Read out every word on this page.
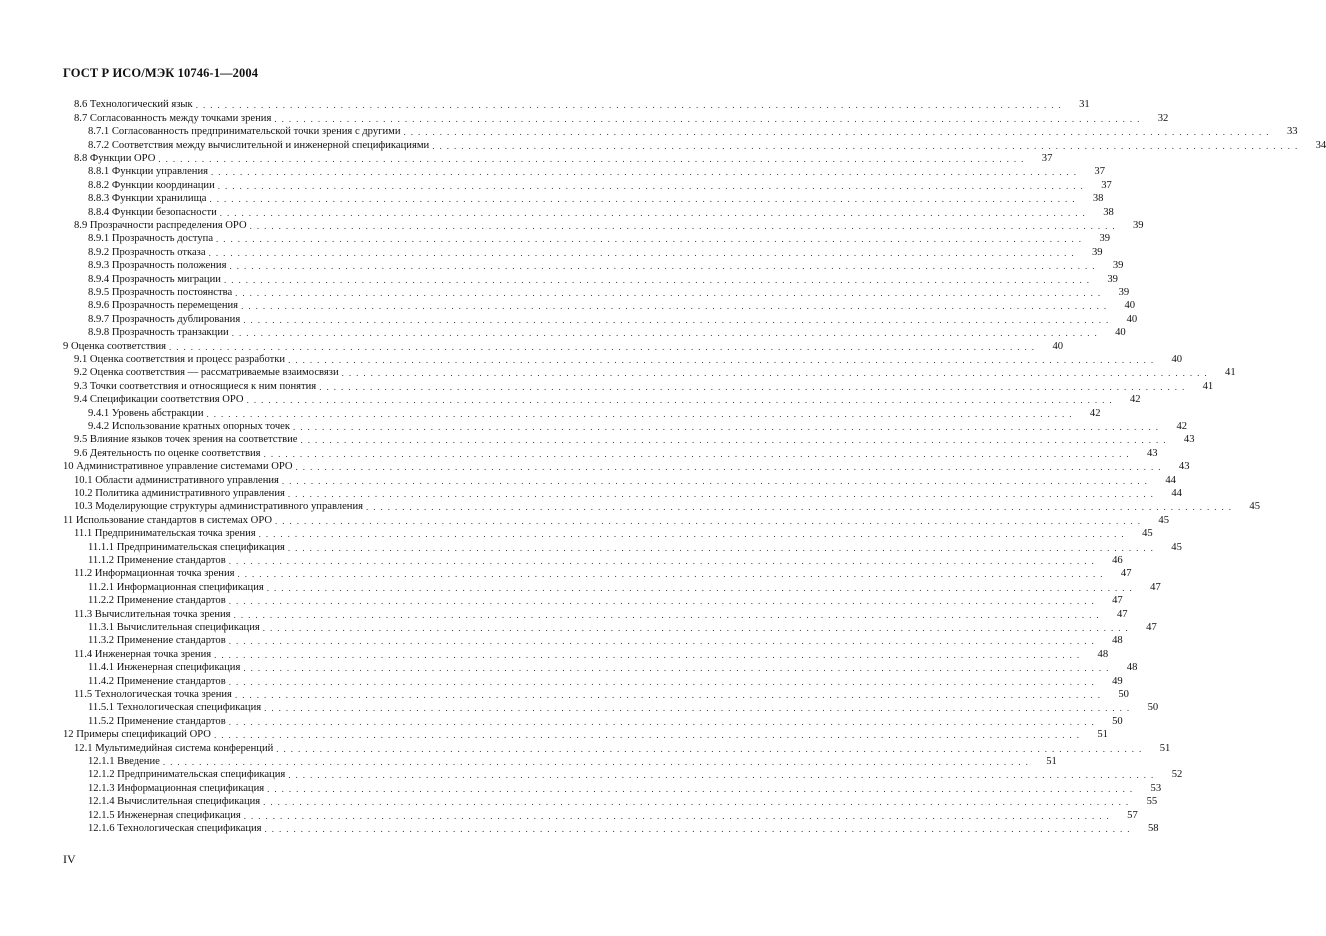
ГОСТ Р ИСО/МЭК 10746-1—2004
8.6 Технологический язык ........................................................................................................................	31
8.7 Согласованность между точками зрения ........................................................................................................................	32
8.7.1 Согласованность предпринимательской точки зрения с другими ........................................................................................................................	33
8.7.2 Соответствия между вычислительной и инженерной спецификациями ........................................................................................................................	34
8.8 Функции ОРО ........................................................................................................................	37
8.8.1 Функции управления ........................................................................................................................	37
8.8.2 Функции координации ........................................................................................................................	37
8.8.3 Функции хранилища ........................................................................................................................	38
8.8.4 Функции безопасности ........................................................................................................................	38
8.9 Прозрачности распределения ОРО ........................................................................................................................	39
8.9.1 Прозрачность доступа ........................................................................................................................	39
8.9.2 Прозрачность отказа ........................................................................................................................	39
8.9.3 Прозрачность положения ........................................................................................................................	39
8.9.4 Прозрачность миграции ........................................................................................................................	39
8.9.5 Прозрачность постоянства ........................................................................................................................	39
8.9.6 Прозрачность перемещения ........................................................................................................................	40
8.9.7 Прозрачность дублирования ........................................................................................................................	40
8.9.8 Прозрачность транзакции ........................................................................................................................	40
9 Оценка соответствия ........................................................................................................................	40
9.1 Оценка соответствия и процесс разработки ........................................................................................................................	40
9.2 Оценка соответствия — рассматриваемые взаимосвязи ........................................................................................................................	41
9.3 Точки соответствия и относящиеся к ним понятия ........................................................................................................................	41
9.4 Спецификации соответствия ОРО ........................................................................................................................	42
9.4.1 Уровень абстракции ........................................................................................................................	42
9.4.2 Использование кратных опорных точек ........................................................................................................................	42
9.5 Влияние языков точек зрения на соответствие ........................................................................................................................	43
9.6 Деятельность по оценке соответствия ........................................................................................................................	43
10 Административное управление системами ОРО ........................................................................................................................	43
10.1 Области административного управления ........................................................................................................................	44
10.2 Политика административного управления ........................................................................................................................	44
10.3 Моделирующие структуры административного управления ........................................................................................................................	45
11 Использование стандартов в системах ОРО ........................................................................................................................	45
11.1 Предпринимательская точка зрения ........................................................................................................................	45
11.1.1 Предпринимательская спецификация ........................................................................................................................	45
11.1.2 Применение стандартов ........................................................................................................................	46
11.2 Информационная точка зрения ........................................................................................................................	47
11.2.1 Информационная спецификация ........................................................................................................................	47
11.2.2 Применение стандартов ........................................................................................................................	47
11.3 Вычислительная точка зрения ........................................................................................................................	47
11.3.1 Вычислительная спецификация ........................................................................................................................	47
11.3.2 Применение стандартов ........................................................................................................................	48
11.4 Инженерная точка зрения ........................................................................................................................	48
11.4.1 Инженерная спецификация ........................................................................................................................	48
11.4.2 Применение стандартов ........................................................................................................................	49
11.5 Технологическая точка зрения ........................................................................................................................	50
11.5.1 Технологическая спецификация ........................................................................................................................	50
11.5.2 Применение стандартов ........................................................................................................................	50
12 Примеры спецификаций ОРО ........................................................................................................................	51
12.1 Мультимедийная система конференций ........................................................................................................................	51
12.1.1 Введение ........................................................................................................................	51
12.1.2 Предпринимательская спецификация ........................................................................................................................	52
12.1.3 Информационная спецификация ........................................................................................................................	53
12.1.4 Вычислительная спецификация ........................................................................................................................	55
12.1.5 Инженерная спецификация ........................................................................................................................	57
12.1.6 Технологическая спецификация ........................................................................................................................	58
IV
